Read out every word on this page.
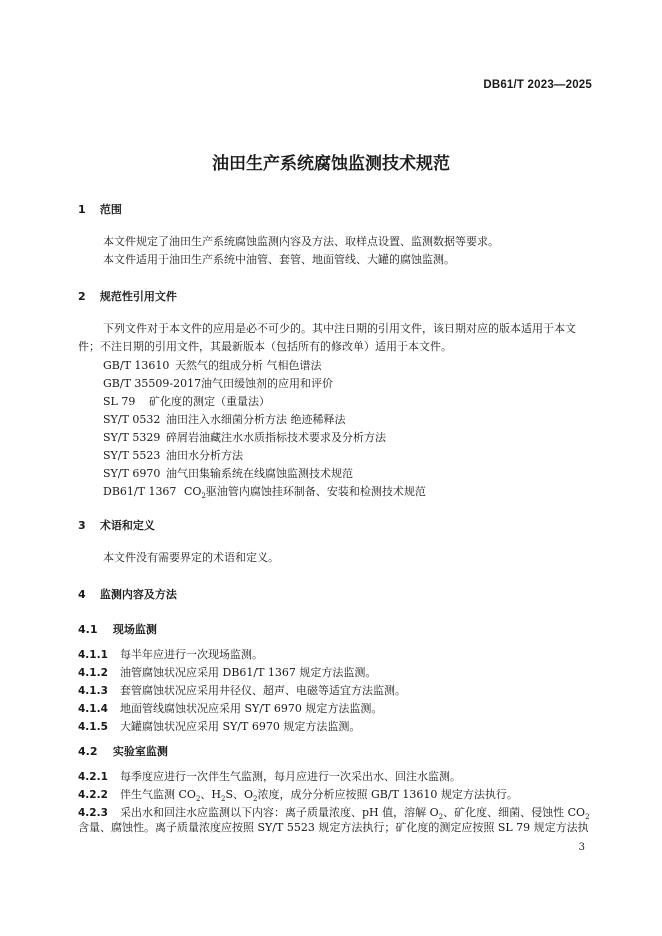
DB61/T 2023—2025
油田生产系统腐蚀监测技术规范
1 范围
本文件规定了油田生产系统腐蚀监测内容及方法、取样点设置、监测数据等要求。
本文件适用于油田生产系统中油管、套管、地面管线、大罐的腐蚀监测。
2 规范性引用文件
下列文件对于本文件的应用是必不可少的。其中注日期的引用文件，该日期对应的版本适用于本文
件；不注日期的引用文件，其最新版本（包括所有的修改单）适用于本文件。
GB/T 13610 天然气的组成分析 气相色谱法
GB/T 35509-2017油气田缓蚀剂的应用和评价
SL 79 矿化度的测定（重量法）
SY/T 0532 油田注入水细菌分析方法 绝迹稀释法
SY/T 5329 碎屑岩油藏注水水质指标技术要求及分析方法
SY/T 5523 油田水分析方法
SY/T 6970 油气田集输系统在线腐蚀监测技术规范
DB61/T 1367 $CO_2$驱油管内腐蚀挂环制备、安装和检测技术规范
3 术语和定义
本文件没有需要界定的术语和定义。
4 监测内容及方法
4.1 现场监测
4.1.1 每半年应进行一次现场监测。
4.1.2 油管腐蚀状况应采用 DB61/T 1367 规定方法监测。
4.1.3 套管腐蚀状况应采用井径仪、超声、电磁等适宜方法监测。
4.1.4 地面管线腐蚀状况应采用 SY/T 6970 规定方法监测。
4.1.5 大罐腐蚀状况应采用 SY/T 6970 规定方法监测。
4.2 实验室监测
4.2.1 每季度应进行一次伴生气监测，每月应进行一次采出水、回注水监测。
4.2.2 伴生气监测 $CO_2$、$H_2S$、$O_2$浓度，成分分析应按照 GB/T 13610 规定方法执行。
4.2.3 采出水和回注水应监测以下内容：离子质量浓度、pH 值，溶解 $O_2$、矿化度、细菌、侵蚀性 $CO_2$
含量、腐蚀性。离子质量浓度应按照 SY/T 5523 规定方法执行；矿化度的测定应按照 SL 79 规定方法执
3
